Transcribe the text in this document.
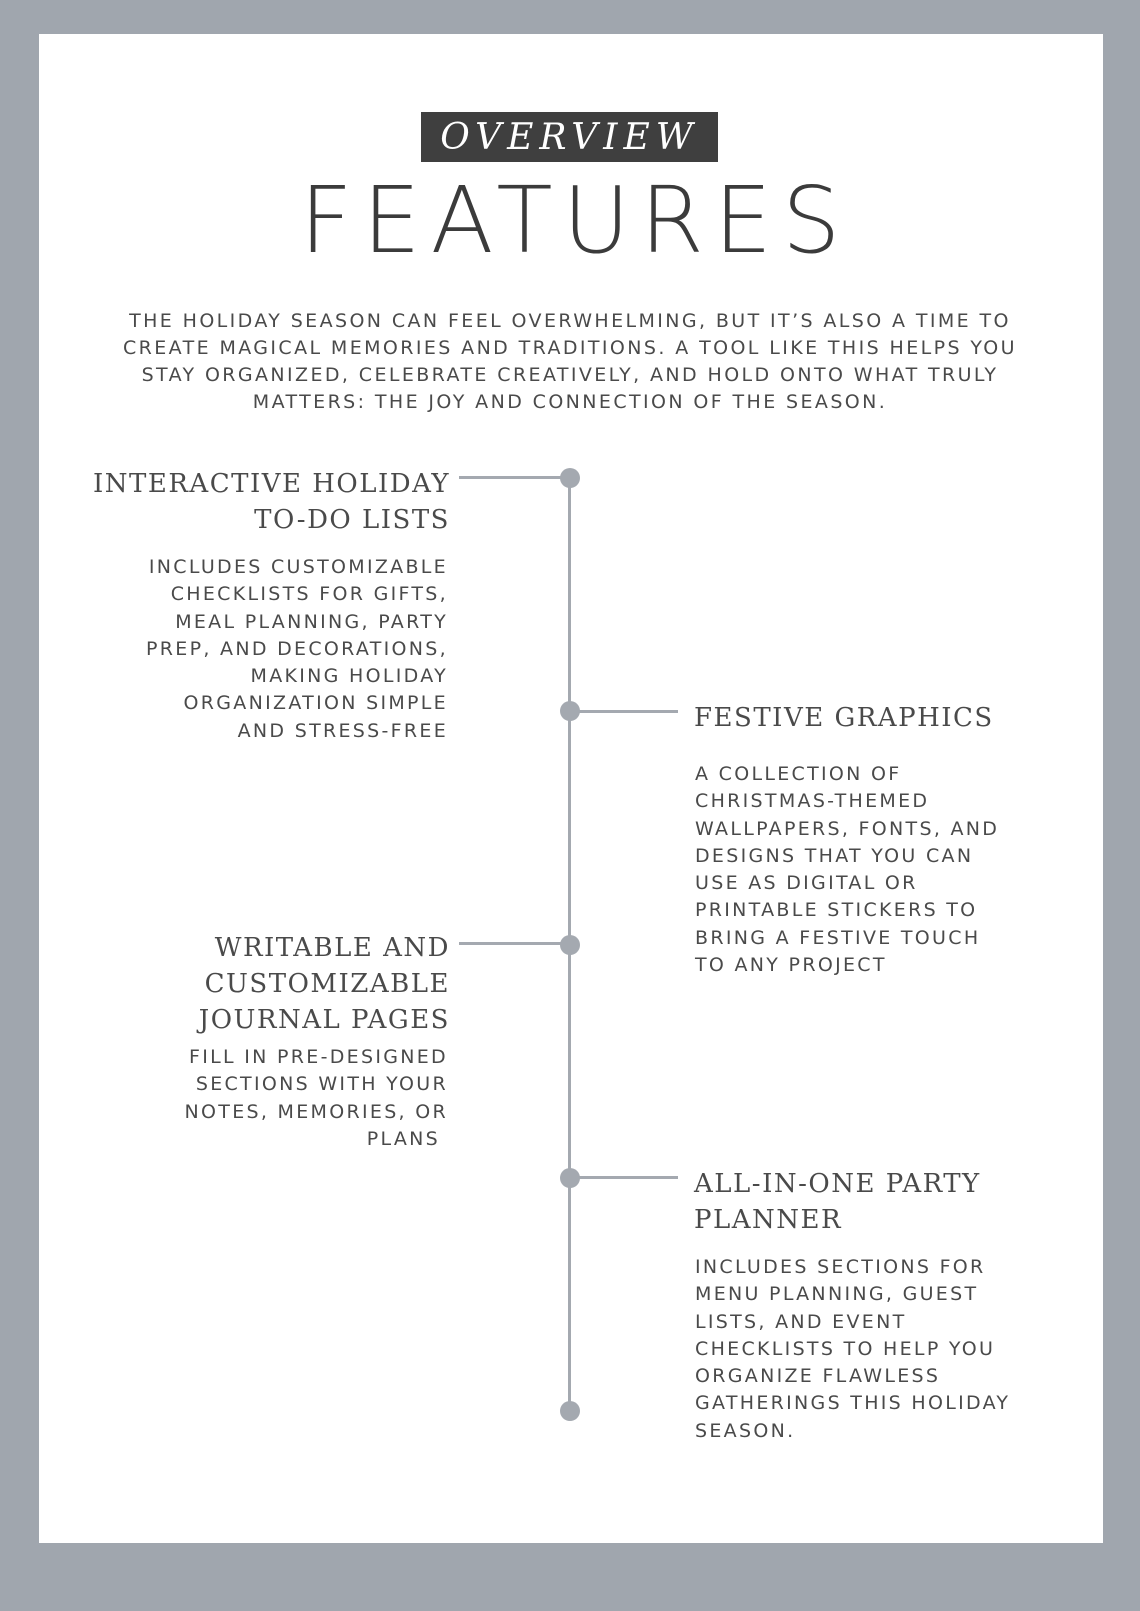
OVERVIEW
FEATURES
THE HOLIDAY SEASON CAN FEEL OVERWHELMING, BUT IT’S ALSO A TIME TO
CREATE MAGICAL MEMORIES AND TRADITIONS. A TOOL LIKE THIS HELPS YOU
STAY ORGANIZED, CELEBRATE CREATIVELY, AND HOLD ONTO WHAT TRULY
MATTERS: THE JOY AND CONNECTION OF THE SEASON.
INTERACTIVE HOLIDAY
TO-DO LISTS
INCLUDES CUSTOMIZABLE
CHECKLISTS FOR GIFTS,
MEAL PLANNING, PARTY
PREP, AND DECORATIONS,
MAKING HOLIDAY
ORGANIZATION SIMPLE
AND STRESS-FREE	FESTIVE GRAPHICS
A COLLECTION OF
CHRISTMAS-THEMED
WALLPAPERS, FONTS, AND
DESIGNS THAT YOU CAN
USE AS DIGITAL OR
PRINTABLE STICKERS TO
BRING A FESTIVE TOUCH
TO ANY PROJECT
WRITABLE AND
CUSTOMIZABLE
JOURNAL PAGES
FILL IN PRE-DESIGNED
SECTIONS WITH YOUR
NOTES, MEMORIES, OR
PLANS
ALL-IN-ONE PARTY
PLANNER
INCLUDES SECTIONS FOR
MENU PLANNING, GUEST
LISTS, AND EVENT
CHECKLISTS TO HELP YOU
ORGANIZE FLAWLESS
GATHERINGS THIS HOLIDAY
SEASON.
